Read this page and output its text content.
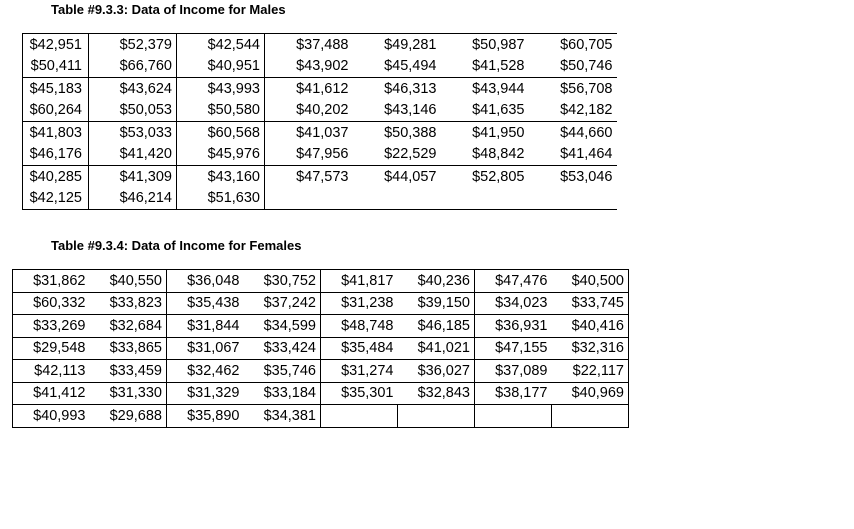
Table #9.3.3: Data of Income for Males
$42,951	$52,379	$42,544	$37,488	$49,281	$50,987	$60,705
$50,411	$66,760	$40,951	$43,902	$45,494	$41,528	$50,746
$45,183	$43,624	$43,993	$41,612	$46,313	$43,944	$56,708
$60,264	$50,053	$50,580	$40,202	$43,146	$41,635	$42,182
$41,803	$53,033	$60,568	$41,037	$50,388	$41,950	$44,660
$46,176	$41,420	$45,976	$47,956	$22,529	$48,842	$41,464
$40,285	$41,309	$43,160	$47,573	$44,057	$52,805	$53,046
$42,125	$46,214	$51,630				
Table #9.3.4: Data of Income for Females
$31,862	$40,550	$36,048	$30,752	$41,817	$40,236	$47,476	$40,500
$60,332	$33,823	$35,438	$37,242	$31,238	$39,150	$34,023	$33,745
$33,269	$32,684	$31,844	$34,599	$48,748	$46,185	$36,931	$40,416
$29,548	$33,865	$31,067	$33,424	$35,484	$41,021	$47,155	$32,316
$42,113	$33,459	$32,462	$35,746	$31,274	$36,027	$37,089	$22,117
$41,412	$31,330	$31,329	$33,184	$35,301	$32,843	$38,177	$40,969
$40,993	$29,688	$35,890	$34,381				
